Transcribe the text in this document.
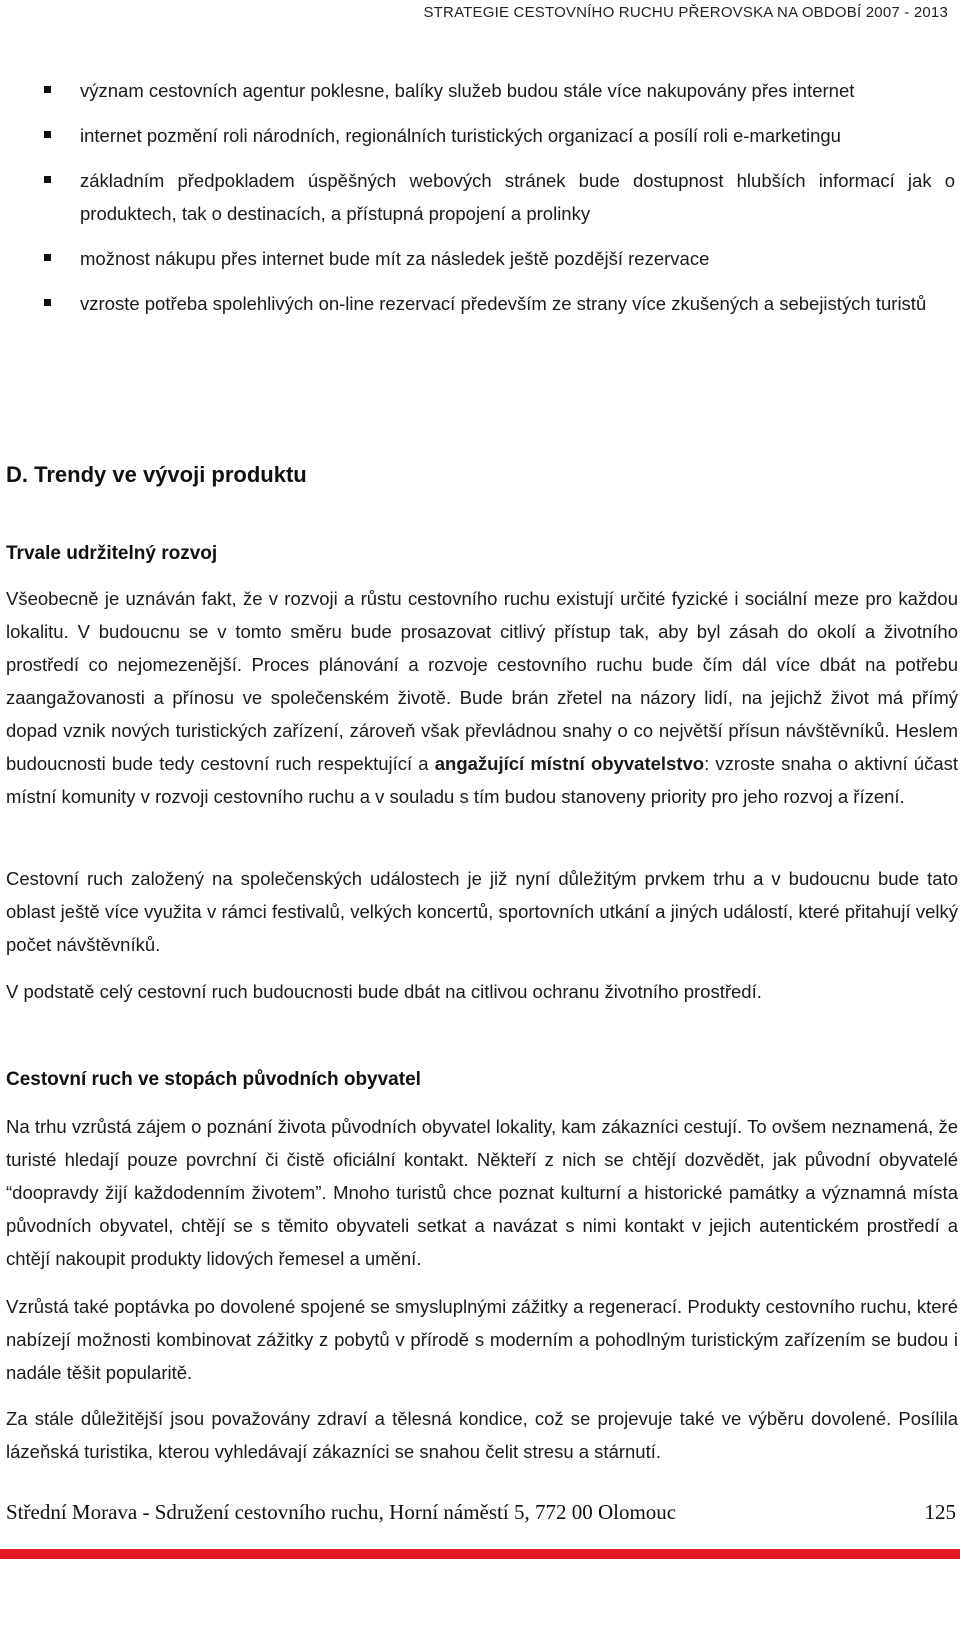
STRATEGIE CESTOVNÍHO RUCHU PŘEROVSKA NA OBDOBÍ 2007 - 2013
význam cestovních agentur poklesne, balíky služeb budou stále více nakupovány přes internet
internet pozmění roli národních, regionálních turistických organizací a posílí roli e-marketingu
základním předpokladem úspěšných webových stránek bude dostupnost hlubších informací jak o produktech, tak o destinacích, a přístupná propojení a prolinky
možnost nákupu přes internet bude mít za následek ještě pozdější rezervace
vzroste potřeba spolehlivých on-line rezervací především ze strany více zkušených a sebejistých turistů
D. Trendy ve vývoji produktu
Trvale udržitelný rozvoj

Všeobecně je uznáván fakt, že v rozvoji a růstu cestovního ruchu existují určité fyzické i sociální meze pro každou lokalitu. V budoucnu se v tomto směru bude prosazovat citlivý přístup tak, aby byl zásah do okolí a životního prostředí co nejomezenější. Proces plánování a rozvoje cestovního ruchu bude čím dál více dbát na potřebu zaangažovanosti a přínosu ve společenském životě. Bude brán zřetel na názory lidí, na jejichž život má přímý dopad vznik nových turistických zařízení, zároveň však převládnou snahy o co největší přísun návštěvníků. Heslem budoucnosti bude tedy cestovní ruch respektující a angažující místní obyvatelstvo: vzroste snaha o aktivní účast místní komunity v rozvoji cestovního ruchu a v souladu s tím budou stanoveny priority pro jeho rozvoj a řízení.

Cestovní ruch založený na společenských událostech je již nyní důležitým prvkem trhu a v budoucnu bude tato oblast ještě více využita v rámci festivalů, velkých koncertů, sportovních utkání a jiných událostí, které přitahují velký počet návštěvníků.

V podstatě celý cestovní ruch budoucnosti bude dbát na citlivou ochranu životního prostředí.

Cestovní ruch ve stopách původních obyvatel

Na trhu vzrůstá zájem o poznání života původních obyvatel lokality, kam zákazníci cestují. To ovšem neznamená, že turisté hledají pouze povrchní či čistě oficiální kontakt. Někteří z nich se chtějí dozvědět, jak původní obyvatelé “doopravdy žijí každodenním životem”. Mnoho turistů chce poznat kulturní a historické památky a významná místa původních obyvatel, chtějí se s těmito obyvateli setkat a navázat s nimi kontakt v jejich autentickém prostředí a chtějí nakoupit produkty lidových řemesel a umění.

Vzrůstá také poptávka po dovolené spojené se smysluplnými zážitky a regenerací. Produkty cestovního ruchu, které nabízejí možnosti kombinovat zážitky z pobytů v přírodě s moderním a pohodlným turistickým zařízením se budou i nadále těšit popularitě.

Za stále důležitější jsou považovány zdraví a tělesná kondice, což se projevuje také ve výběru dovolené. Posílila lázeňská turistika, kterou vyhledávají zákazníci se snahou čelit stresu a stárnutí.

Střední Morava - Sdružení cestovního ruchu, Horní náměstí 5, 772 00 Olomouc	125
